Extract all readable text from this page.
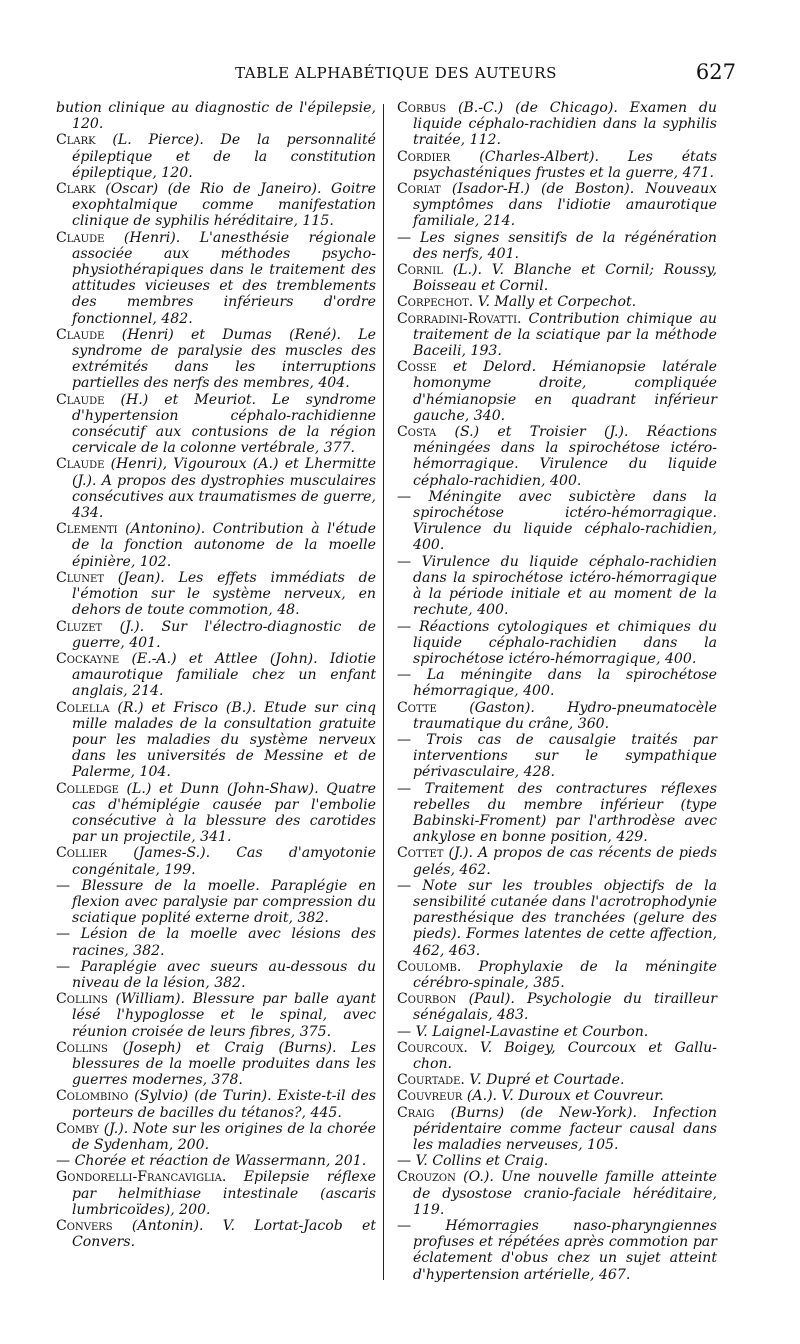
TABLE ALPHABÉTIQUE DES AUTEURS	627

bution clinique au diagnostic de l'épilepsie, 120.

Clark (L. Pierce). De la personnalité épileptique et de la constitution épileptique, 120.

Clark (Oscar) (de Rio de Janeiro). Goitre exophtalmique comme manifestation clinique de syphilis héréditaire, 115.

Claude (Henri). L'anesthésie régionale associée aux méthodes psycho-physiothérapiques dans le traitement des attitudes vicieuses et des tremblements des membres inférieurs d'ordre fonctionnel, 482.

Claude (Henri) et Dumas (René). Le syndrome de paralysie des muscles des extrémités dans les interruptions partielles des nerfs des membres, 404.

Claude (H.) et Meuriot. Le syndrome d'hypertension céphalo-rachidienne consécutif aux contusions de la région cervicale de la colonne vertébrale, 377.

Claude (Henri), Vigouroux (A.) et Lhermitte (J.). A propos des dystrophies musculaires consécutives aux traumatismes de guerre, 434.

Clementi (Antonino). Contribution à l'étude de la fonction autonome de la moelle épinière, 102.

Clunet (Jean). Les effets immédiats de l'émotion sur le système nerveux, en dehors de toute commotion, 48.

Cluzet (J.). Sur l'électro-diagnostic de guerre, 401.

Cockayne (E.-A.) et Attlee (John). Idiotie amaurotique familiale chez un enfant anglais, 214.

Colella (R.) et Frisco (B.). Etude sur cinq mille malades de la consultation gratuite pour les maladies du système nerveux dans les universités de Messine et de Palerme, 104.

Colledge (L.) et Dunn (John-Shaw). Quatre cas d'hémiplégie causée par l'embolie consécutive à la blessure des carotides par un projectile, 341.

Collier (James-S.). Cas d'amyotonie congénitale, 199.

— Blessure de la moelle. Paraplégie en flexion avec paralysie par compression du sciatique poplité externe droit, 382.

— Lésion de la moelle avec lésions des racines, 382.

— Paraplégie avec sueurs au-dessous du niveau de la lésion, 382.

Collins (William). Blessure par balle ayant lésé l'hypoglosse et le spinal, avec réunion croisée de leurs fibres, 375.

Collins (Joseph) et Craig (Burns). Les blessures de la moelle produites dans les guerres modernes, 378.

Colombino (Sylvio) (de Turin). Existe-t-il des porteurs de bacilles du tétanos?, 445.

Comby (J.). Note sur les origines de la chorée de Sydenham, 200.

— Chorée et réaction de Wassermann, 201.

Gondorelli-Francaviglia. Epilepsie réflexe par helmithiase intestinale (ascaris lumbricoïdes), 200.

Convers (Antonin). V. Lortat-Jacob et Convers.

Corbus (B.-C.) (de Chicago). Examen du liquide céphalo-rachidien dans la syphilis traitée, 112.

Cordier (Charles-Albert). Les états psychasténiques frustes et la guerre, 471.

Coriat (Isador-H.) (de Boston). Nouveaux symptômes dans l'idiotie amaurotique familiale, 214.

— Les signes sensitifs de la régénération des nerfs, 401.

Cornil (L.). V. Blanche et Cornil; Roussy, Boisseau et Cornil.

Corpechot. V. Mally et Corpechot.

Corradini-Rovatti. Contribution chimique au traitement de la sciatique par la méthode Baceili, 193.

Cosse et Delord. Hémianopsie latérale homonyme droite, compliquée d'hémianopsie en quadrant inférieur gauche, 340.

Costa (S.) et Troisier (J.). Réactions méningées dans la spirochétose ictéro-hémorragique. Virulence du liquide céphalo-rachidien, 400.

— Méningite avec subictère dans la spirochétose ictéro-hémorragique. Virulence du liquide céphalo-rachidien, 400.

— Virulence du liquide céphalo-rachidien dans la spirochétose ictéro-hémorragique à la période initiale et au moment de la rechute, 400.

— Réactions cytologiques et chimiques du liquide céphalo-rachidien dans la spirochétose ictéro-hémorragique, 400.

— La méningite dans la spirochétose hémorragique, 400.

Cotte (Gaston). Hydro-pneumatocèle traumatique du crâne, 360.

— Trois cas de causalgie traités par interventions sur le sympathique périvasculaire, 428.

— Traitement des contractures réflexes rebelles du membre inférieur (type Babinski-Froment) par l'arthrodèse avec ankylose en bonne position, 429.

Cottet (J.). A propos de cas récents de pieds gelés, 462.

— Note sur les troubles objectifs de la sensibilité cutanée dans l'acrotrophodynie paresthésique des tranchées (gelure des pieds). Formes latentes de cette affection, 462, 463.

Coulomb. Prophylaxie de la méningite cérébro-spinale, 385.

Courbon (Paul). Psychologie du tirailleur sénégalais, 483.

— V. Laignel-Lavastine et Courbon.

Courcoux. V. Boigey, Courcoux et Gallu-chon.

Courtade. V. Dupré et Courtade.

Couvreur (A.). V. Duroux et Couvreur.

Craig (Burns) (de New-York). Infection péridentaire comme facteur causal dans les maladies nerveuses, 105.

— V. Collins et Craig.

Crouzon (O.). Une nouvelle famille atteinte de dysostose cranio-faciale héréditaire, 119.

— Hémorragies naso-pharyngiennes profuses et répétées après commotion par éclatement d'obus chez un sujet atteint d'hypertension artérielle, 467.
